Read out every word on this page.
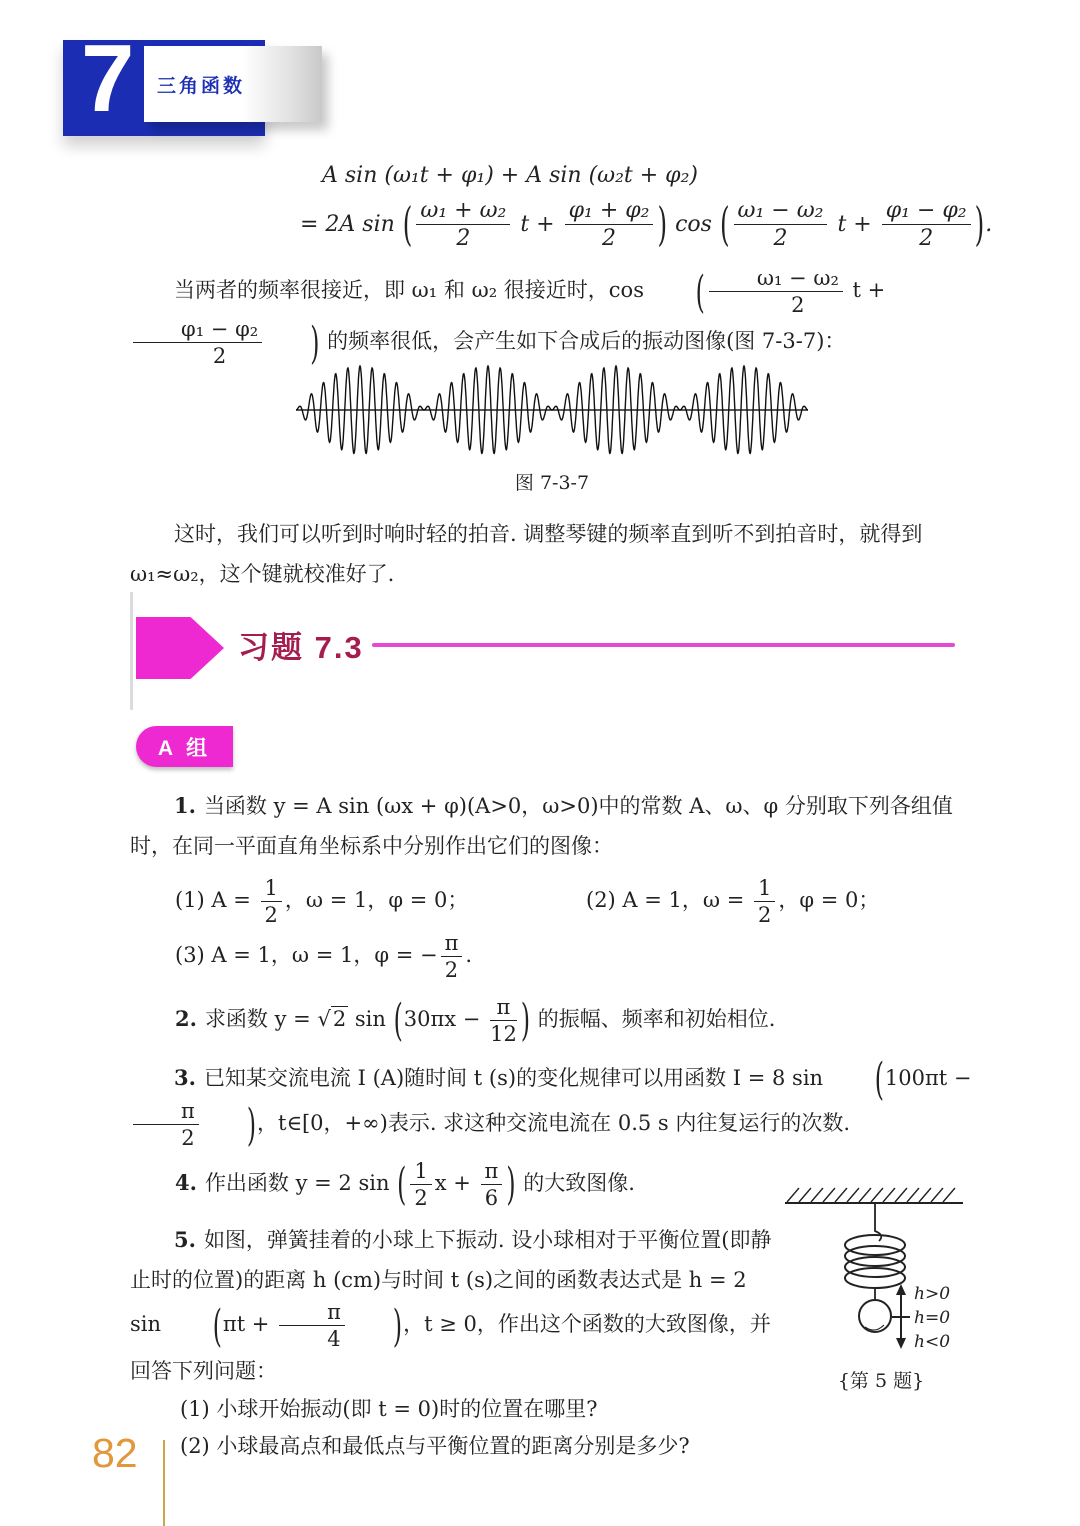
7	三角函数
A sin (ω₁t + φ₁) + A sin (ω₂t + φ₂)
= 2A sin ( $\frac{\text{ω₁ + ω₂}}{2}$ $t + \frac{\text{φ₁ + φ₂}}{2}$ ) cos ( $\frac{\text{ω₁ − ω₂}}{2}$ $t + \frac{\text{φ₁ − φ₂}}{2}$ ).
当两者的频率很接近，即 ω₁ 和 ω₂ 很接近时，cos ( $\frac{\text{ω₁ − ω₂}}{2}$ t +
$\frac{\text{φ₁ − φ₂}}{2}$ ) 的频率很低，会产生如下合成后的振动图像(图 7-3-7)：
图 7-3-7
这时，我们可以听到时响时轻的拍音. 调整琴键的频率直到听不到拍音时，就得到 ω₁≈ω₂，这个键就校准好了.
习题 7.3
A 组
1. 当函数 y = A sin (ωx + φ)(A>0，ω>0)中的常数 A、ω、φ 分别取下列各组值时，在同一平面直角坐标系中分别作出它们的图像：
(1) $A = \frac{1}{2}$ ，ω = 1，φ = 0；	(2) A = 1，$\omega = \frac{1}{2}$ ，φ = 0；
(3) A = 1，ω = 1，φ = − $\frac{\pi}{2}$ .
2. 求函数 y = √2 $\sin (30\pi x - \frac{\pi}{12}$ ) 的振幅、频率和初始相位.
3. 已知某交流电流 I (A)随时间 t (s)的变化规律可以用函数 I = 8 sin (100πt −
$\frac{\pi}{2}$ )，t∈[0，+∞)表示. 求这种交流电流在 0.5 s 内往复运行的次数.
4. 作出函数 y = 2 sin ( $\frac{1}{2}$ $x + \frac{\pi}{6}$ ) 的大致图像.
5. 如图，弹簧挂着的小球上下振动. 设小球相对于平衡位置(即静止时的位置)的距离 h (cm)与时间 t (s)之间的函数表达式是 h = 2 $\sin (\pi t + \frac{\pi}{4}$ )，t ≥ 0，作出这个函数的大致图像，并回答下列问题：
(1) 小球开始振动(即 t = 0)时的位置在哪里?
(2) 小球最高点和最低点与平衡位置的距离分别是多少?
h>0
h=0
h<0
{第 5 题}
82
